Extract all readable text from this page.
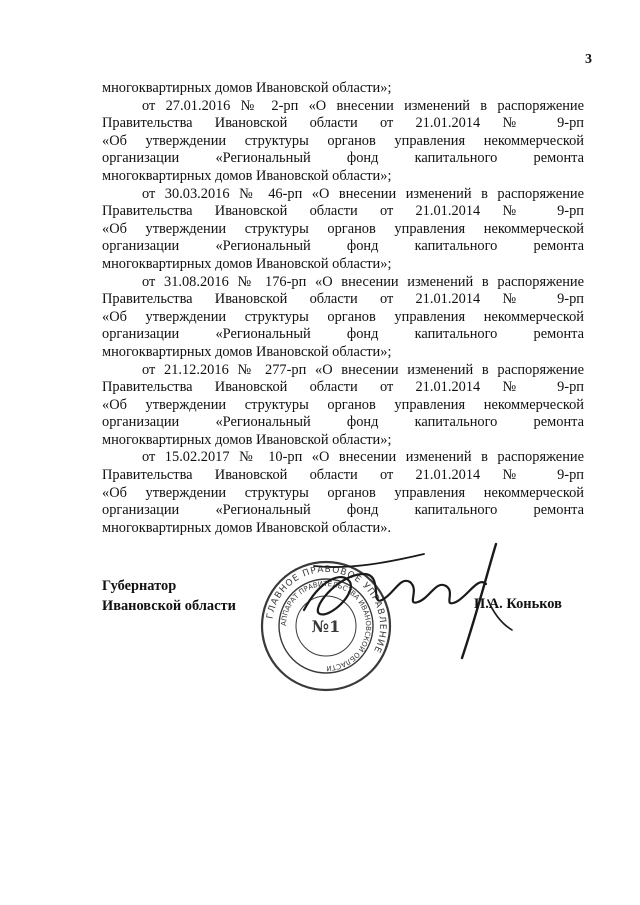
3
многоквартирных домов Ивановской области»;
от 27.01.2016 № 2-рп «О внесении изменений в распоряжение
Правительства Ивановской области от 21.01.2014 № 9-рп
«Об утверждении структуры органов управления некоммерческой
организации «Региональный фонд капитального ремонта
многоквартирных домов Ивановской области»;
от 30.03.2016 № 46-рп «О внесении изменений в распоряжение
Правительства Ивановской области от 21.01.2014 № 9-рп
«Об утверждении структуры органов управления некоммерческой
организации «Региональный фонд капитального ремонта
многоквартирных домов Ивановской области»;
от 31.08.2016 № 176-рп «О внесении изменений в распоряжение
Правительства Ивановской области от 21.01.2014 № 9-рп
«Об утверждении структуры органов управления некоммерческой
организации «Региональный фонд капитального ремонта
многоквартирных домов Ивановской области»;
от 21.12.2016 № 277-рп «О внесении изменений в распоряжение
Правительства Ивановской области от 21.01.2014 № 9-рп
«Об утверждении структуры органов управления некоммерческой
организации «Региональный фонд капитального ремонта
многоквартирных домов Ивановской области»;
от 15.02.2017 № 10-рп «О внесении изменений в распоряжение
Правительства Ивановской области от 21.01.2014 № 9-рп
«Об утверждении структуры органов управления некоммерческой
организации «Региональный фонд капитального ремонта
многоквартирных домов Ивановской области».
ГЛАВНОЕ ПРАВОВОЕ УПРАВЛЕНИЕ
АППАРАТ ПРАВИТЕЛЬСТВА ИВАНОВСКОЙ ОБЛАСТИ
№1
Губернатор
Ивановской области	П.А. Коньков
